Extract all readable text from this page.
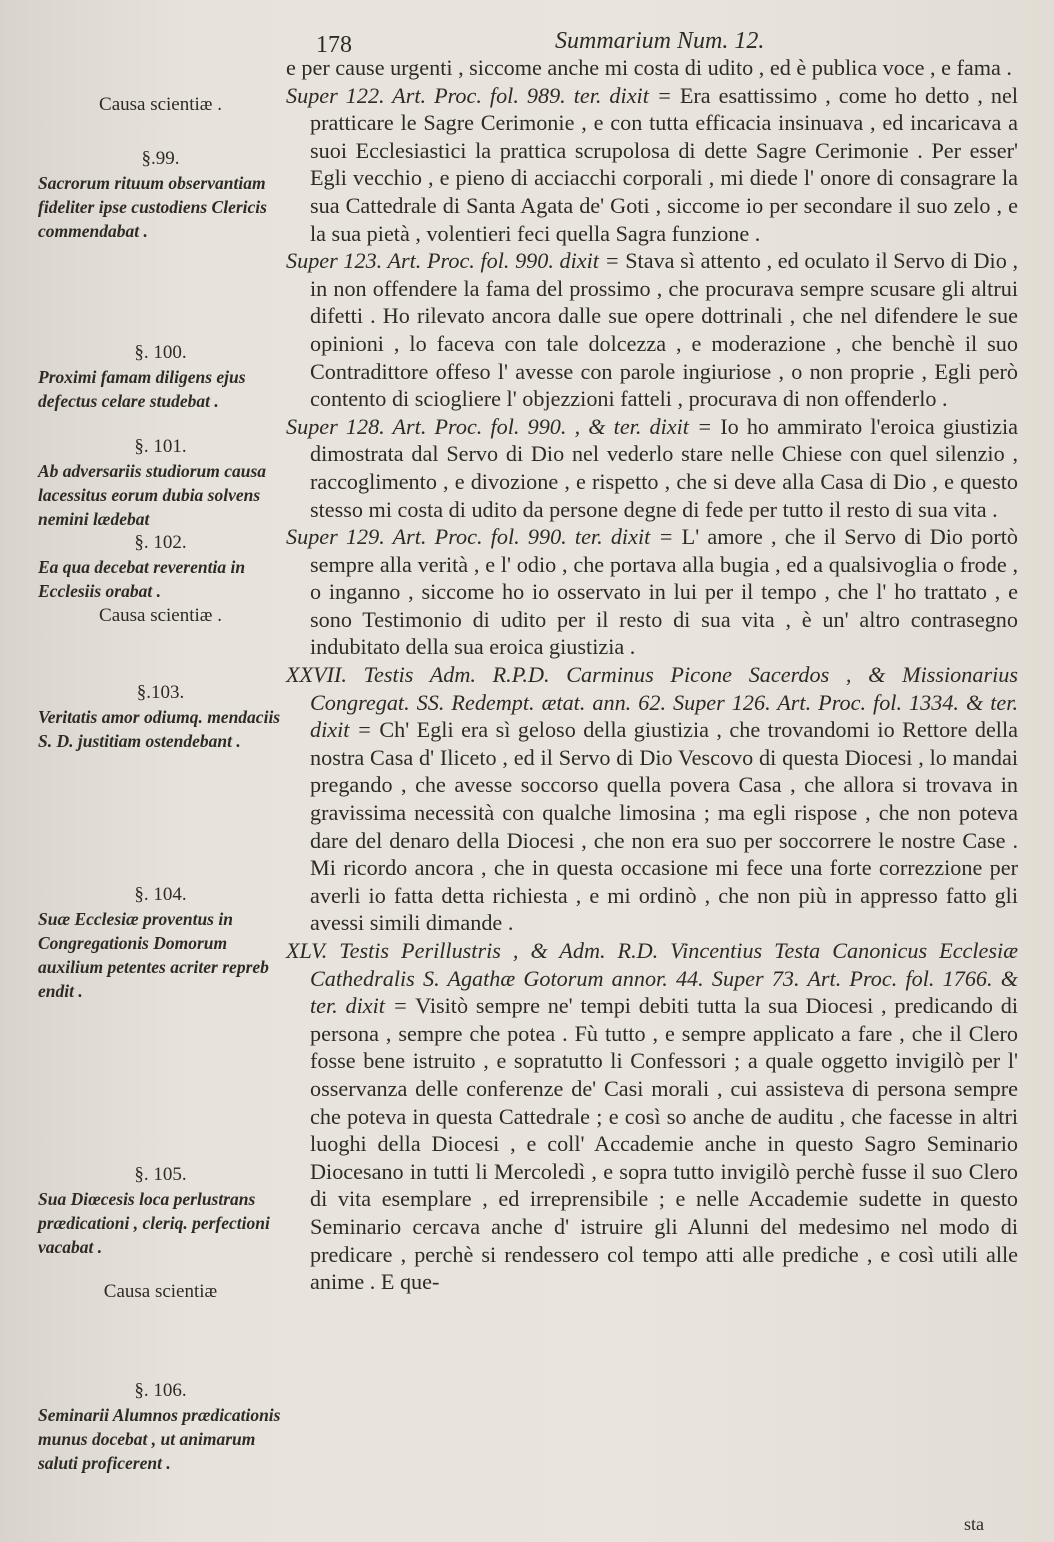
178	Summarium Num. 12.
Causa scientiæ .
§.99.
Sacrorum rituum observantiam fideliter ipse custodiens Clericis commendabat .
§. 100.
Proximi famam diligens ejus defectus celare studebat .
§. 101.
Ab adversariis studiorum causa lacessitus eorum dubia solvens nemini lædebat
§. 102.
Ea qua decebat reverentia in Ecclesiis orabat .
Causa scientiæ .
§.103.
Veritatis amor odiumq. mendaciis S. D. justitiam ostendebant .
§. 104.
Suæ Ecclesiæ proventus in Congregationis Domorum auxilium petentes acriter repreb endit .
§. 105.
Sua Diœcesis loca perlustrans prædicationi , cleriq. perfectioni vacabat .
Causa scientiæ
§. 106.
Seminarii Alumnos prædicationis munus docebat , ut animarum saluti proficerent .

e per cause urgenti , siccome anche mi costa di udito , ed è publica voce , e fama .

Super 122. Art. Proc. fol. 989. ter. dixit = Era esattissimo , come ho detto , nel pratticare le Sagre Cerimonie , e con tutta efficacia insinuava , ed incaricava a suoi Ecclesiastici la prattica scrupolosa di dette Sagre Cerimonie . Per esser' Egli vecchio , e pieno di acciacchi corporali , mi diede l' onore di consagrare la sua Cattedrale di Santa Agata de' Goti , siccome io per secondare il suo zelo , e la sua pietà , volentieri feci quella Sagra funzione .

Super 123. Art. Proc. fol. 990. dixit = Stava sì attento , ed oculato il Servo di Dio , in non offendere la fama del prossimo , che procurava sempre scusare gli altrui difetti . Ho rilevato ancora dalle sue opere dottrinali , che nel difendere le sue opinioni , lo faceva con tale dolcezza , e moderazione , che benchè il suo Contradittore offeso l' avesse con parole ingiuriose , o non proprie , Egli però contento di sciogliere l' objezzioni fatteli , procurava di non offenderlo .

Super 128. Art. Proc. fol. 990. , & ter. dixit = Io ho ammirato l'eroica giustizia dimostrata dal Servo di Dio nel vederlo stare nelle Chiese con quel silenzio , raccoglimento , e divozione , e rispetto , che si deve alla Casa di Dio , e questo stesso mi costa di udito da persone degne di fede per tutto il resto di sua vita .

Super 129. Art. Proc. fol. 990. ter. dixit = L' amore , che il Servo di Dio portò sempre alla verità , e l' odio , che portava alla bugia , ed a qualsivoglia o frode , o inganno , siccome ho io osservato in lui per il tempo , che l' ho trattato , e sono Testimonio di udito per il resto di sua vita , è un' altro contrasegno indubitato della sua eroica giustizia .

XXVII. Testis Adm. R.P.D. Carminus Picone Sacerdos , & Missionarius Congregat. SS. Redempt. ætat. ann. 62. Super 126. Art. Proc. fol. 1334. & ter. dixit = Ch' Egli era sì geloso della giustizia , che trovandomi io Rettore della nostra Casa d' Iliceto , ed il Servo di Dio Vescovo di questa Diocesi , lo mandai pregando , che avesse soccorso quella povera Casa , che allora si trovava in gravissima necessità con qualche limosina ; ma egli rispose , che non poteva dare del denaro della Diocesi , che non era suo per soccorrere le nostre Case . Mi ricordo ancora , che in questa occasione mi fece una forte correzzione per averli io fatta detta richiesta , e mi ordinò , che non più in appresso fatto gli avessi simili dimande .

XLV. Testis Perillustris , & Adm. R.D. Vincentius Testa Canonicus Ecclesiæ Cathedralis S. Agathæ Gotorum annor. 44. Super 73. Art. Proc. fol. 1766. & ter. dixit = Visitò sempre ne' tempi debiti tutta la sua Diocesi , predicando di persona , sempre che potea . Fù tutto , e sempre applicato a fare , che il Clero fosse bene istruito , e sopratutto li Confessori ; a quale oggetto invigilò per l' osservanza delle conferenze de' Casi morali , cui assisteva di persona sempre che poteva in questa Cattedrale ; e così so anche de auditu , che facesse in altri luoghi della Diocesi , e coll' Accademie anche in questo Sagro Seminario Diocesano in tutti li Mercoledì , e sopra tutto invigilò perchè fusse il suo Clero di vita esemplare , ed irreprensibile ; e nelle Accademie sudette in questo Seminario cercava anche d' istruire gli Alunni del medesimo nel modo di predicare , perchè si rendessero col tempo atti alle prediche , e così utili alle anime . E que-

sta
